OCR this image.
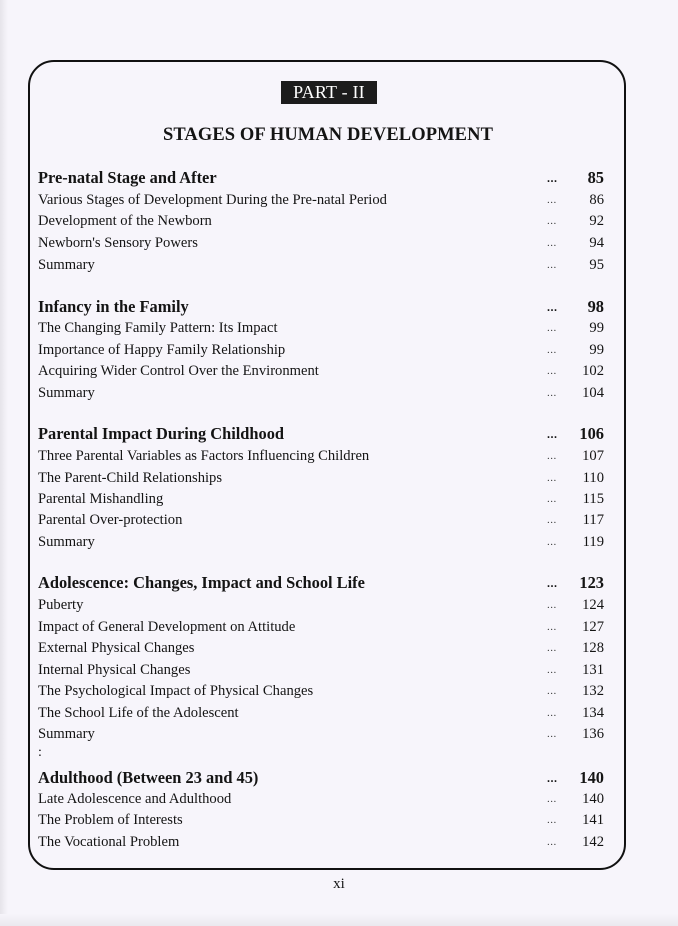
PART - II
STAGES OF HUMAN DEVELOPMENT
Pre-natal Stage and After	... 85
Various Stages of Development During the Pre-natal Period	... 86
Development of the Newborn	... 92
Newborn's Sensory Powers	... 94
Summary	... 95
Infancy in the Family	... 98
The Changing Family Pattern: Its Impact	... 99
Importance of Happy Family Relationship	... 99
Acquiring Wider Control Over the Environment	... 102
Summary	... 104
Parental Impact During Childhood	... 106
Three Parental Variables as Factors Influencing Children	... 107
The Parent-Child Relationships	... 110
Parental Mishandling	... 115
Parental Over-protection	... 117
Summary	... 119
Adolescence: Changes, Impact and School Life	... 123
Puberty	... 124
Impact of General Development on Attitude	... 127
External Physical Changes	... 128
Internal Physical Changes	... 131
The Psychological Impact of Physical Changes	... 132
The School Life of the Adolescent	... 134
Summary	... 136
:
Adulthood (Between 23 and 45)	... 140
Late Adolescence and Adulthood	... 140
The Problem of Interests	... 141
The Vocational Problem	... 142
xi
